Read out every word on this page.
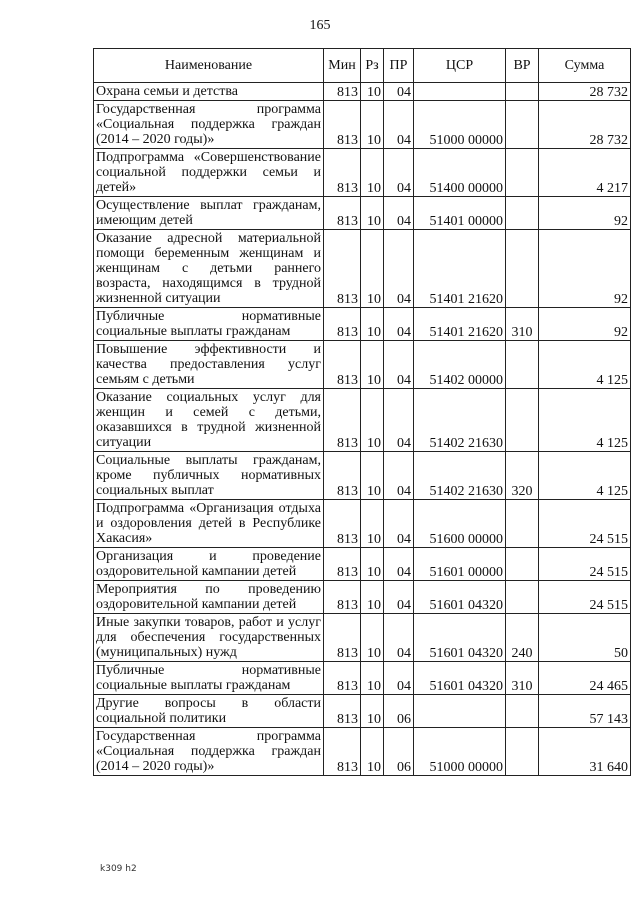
165
Наименование	Мин	Рз	ПР	ЦСР	ВР	Сумма
Охрана семьи и детства	813	10	04			28 732
Государственная программа «Социальная поддержка граждан (2014 – 2020 годы)»	813	10	04	51000 00000		28 732
Подпрограмма «Совершенствование социальной поддержки семьи и детей»	813	10	04	51400 00000		4 217
Осуществление выплат гражданам, имеющим детей	813	10	04	51401 00000		92
Оказание адресной материальной помощи беременным женщинам и женщинам с детьми раннего возраста, находящимся в трудной жизненной ситуации	813	10	04	51401 21620		92
Публичные нормативные социальные выплаты гражданам	813	10	04	51401 21620	310	92
Повышение эффективности и качества предоставления услуг семьям с детьми	813	10	04	51402 00000		4 125
Оказание социальных услуг для женщин и семей с детьми, оказавшихся в трудной жизненной ситуации	813	10	04	51402 21630		4 125
Социальные выплаты гражданам, кроме публичных нормативных социальных выплат	813	10	04	51402 21630	320	4 125
Подпрограмма «Организация отдыха и оздоровления детей в Республике Хакасия»	813	10	04	51600 00000		24 515
Организация и проведение оздоровительной кампании детей	813	10	04	51601 00000		24 515
Мероприятия по проведению оздоровительной кампании детей	813	10	04	51601 04320		24 515
Иные закупки товаров, работ и услуг для обеспечения государственных (муниципальных) нужд	813	10	04	51601 04320	240	50
Публичные нормативные социальные выплаты гражданам	813	10	04	51601 04320	310	24 465
Другие вопросы в области социальной политики	813	10	06			57 143
Государственная программа «Социальная поддержка граждан (2014 – 2020 годы)»	813	10	06	51000 00000		31 640
k309 h2
